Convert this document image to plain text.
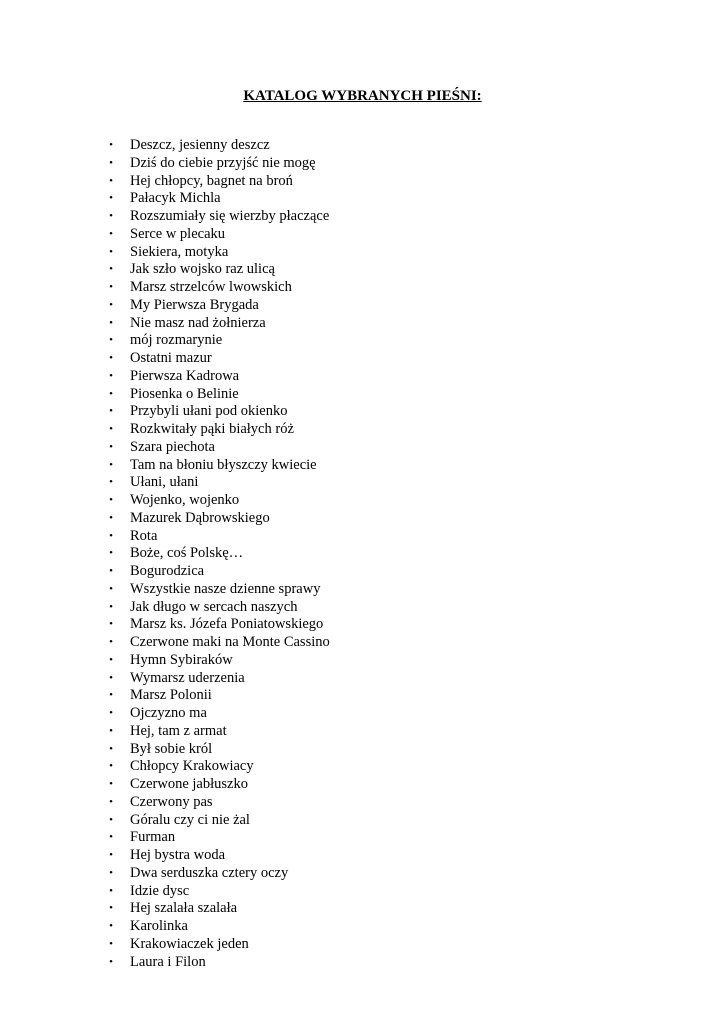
KATALOG WYBRANYCH PIEŚNI:
• Deszcz, jesienny deszcz
• Dziś do ciebie przyjść nie mogę
• Hej chłopcy, bagnet na broń
• Pałacyk Michla
• Rozszumiały się wierzby płaczące
• Serce w plecaku
• Siekiera, motyka
• Jak szło wojsko raz ulicą
• Marsz strzelców lwowskich
• My Pierwsza Brygada
• Nie masz nad żołnierza
• mój rozmarynie
• Ostatni mazur
• Pierwsza Kadrowa
• Piosenka o Belinie
• Przybyli ułani pod okienko
• Rozkwitały pąki białych róż
• Szara piechota
• Tam na błoniu błyszczy kwiecie
• Ułani, ułani
• Wojenko, wojenko
• Mazurek Dąbrowskiego
• Rota
• Boże, coś Polskę…
• Bogurodzica
• Wszystkie nasze dzienne sprawy
• Jak długo w sercach naszych
• Marsz ks. Józefa Poniatowskiego
• Czerwone maki na Monte Cassino
• Hymn Sybiraków
• Wymarsz uderzenia
• Marsz Polonii
• Ojczyzno ma
• Hej, tam z armat
• Był sobie król
• Chłopcy Krakowiacy
• Czerwone jabłuszko
• Czerwony pas
• Góralu czy ci nie żal
• Furman
• Hej bystra woda
• Dwa serduszka cztery oczy
• Idzie dysc
• Hej szalała szalała
• Karolinka
• Krakowiaczek jeden
• Laura i Filon
